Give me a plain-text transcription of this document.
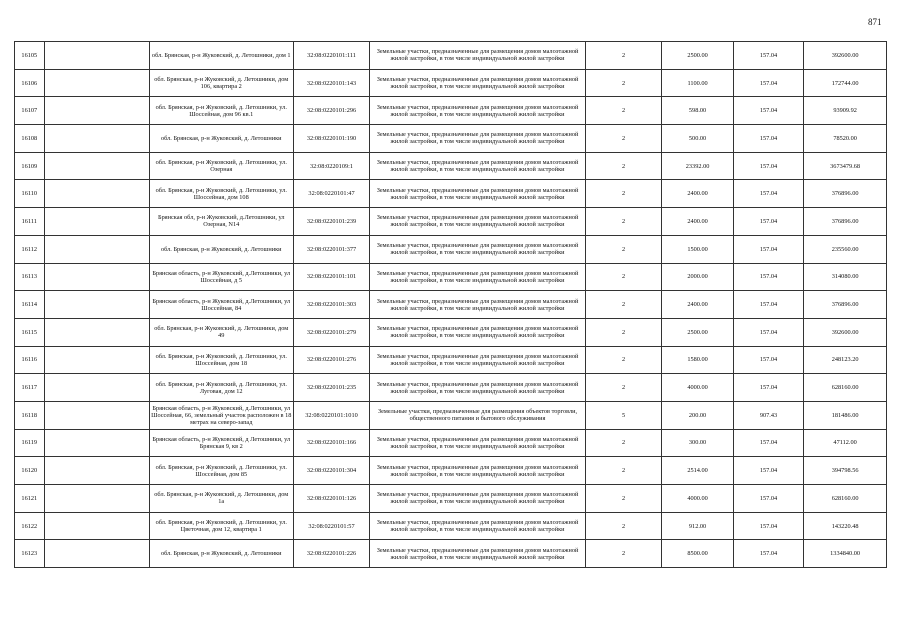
871
16105		обл. Брянская, р-н Жуковский, д. Летошники, дом 1	32:08:0220101:111	Земельные участки, предназначенные для размещения домов малоэтажной жилой застройки, в том числе индивидуальной жилой застройки	2	2500.00	157.04	392600.00
16106		обл. Брянская, р-н Жуковский, д. Летошники, дом 106, квартира 2	32:08:0220101:143	Земельные участки, предназначенные для размещения домов малоэтажной жилой застройки, в том числе индивидуальной жилой застройки	2	1100.00	157.04	172744.00
16107		обл. Брянская, р-н Жуковский, д. Летошники, ул. Шоссейная, дом 96 кв.1	32:08:0220101:296	Земельные участки, предназначенные для размещения домов малоэтажной жилой застройки, в том числе индивидуальной жилой застройки	2	598.00	157.04	93909.92
16108		обл. Брянская, р-н Жуковский, д. Летошники	32:08:0220101:190	Земельные участки, предназначенные для размещения домов малоэтажной жилой застройки, в том числе индивидуальной жилой застройки	2	500.00	157.04	78520.00
16109		обл. Брянская, р-н Жуковский, д. Летошники, ул. Озерная	32:08:0220109:1	Земельные участки, предназначенные для размещения домов малоэтажной жилой застройки, в том числе индивидуальной жилой застройки	2	23392.00	157.04	3673479.68
16110		обл. Брянская, р-н Жуковский, д. Летошники, ул. Шоссейная, дом 108	32:08:0220101:47	Земельные участки, предназначенные для размещения домов малоэтажной жилой застройки, в том числе индивидуальной жилой застройки	2	2400.00	157.04	376896.00
16111		Брянская обл, р-н Жуковский, д.Летошники, ул Озерная, N14	32:08:0220101:239	Земельные участки, предназначенные для размещения домов малоэтажной жилой застройки, в том числе индивидуальной жилой застройки	2	2400.00	157.04	376896.00
16112		обл. Брянская, р-н Жуковский, д. Летошники	32:08:0220101:377	Земельные участки, предназначенные для размещения домов малоэтажной жилой застройки, в том числе индивидуальной жилой застройки	2	1500.00	157.04	235560.00
16113		Брянская область, р-н Жуковский, д.Летошники, ул Шоссейная, д 5	32:08:0220101:101	Земельные участки, предназначенные для размещения домов малоэтажной жилой застройки, в том числе индивидуальной жилой застройки	2	2000.00	157.04	314080.00
16114		Брянская область, р-н Жуковский, д.Летошники, ул Шоссейная, 84	32:08:0220101:303	Земельные участки, предназначенные для размещения домов малоэтажной жилой застройки, в том числе индивидуальной жилой застройки	2	2400.00	157.04	376896.00
16115		обл. Брянская, р-н Жуковский, д. Летошники, дом 49	32:08:0220101:279	Земельные участки, предназначенные для размещения домов малоэтажной жилой застройки, в том числе индивидуальной жилой застройки	2	2500.00	157.04	392600.00
16116		обл. Брянская, р-н Жуковский, д. Летошники, ул. Шоссейная, дом 18	32:08:0220101:276	Земельные участки, предназначенные для размещения домов малоэтажной жилой застройки, в том числе индивидуальной жилой застройки	2	1580.00	157.04	248123.20
16117		обл. Брянская, р-н Жуковский, д. Летошники, ул. Луговая, дом 12	32:08:0220101:235	Земельные участки, предназначенные для размещения домов малоэтажной жилой застройки, в том числе индивидуальной жилой застройки	2	4000.00	157.04	628160.00
16118		Брянская область, р-н Жуковский, д.Летошники, ул Шоссейная, 66, земельный участок расположен в 18 метрах на северо-запад	32:08:0220101:1010	Земельные участки, предназначенные для размещения объектов торговли, общественного питания и бытового обслуживания	5	200.00	907.43	181486.00
16119		Брянская область, р-н Жуковский, д Летошники, ул Брянская 9, кв 2	32:08:0220101:166	Земельные участки, предназначенные для размещения домов малоэтажной жилой застройки, в том числе индивидуальной жилой застройки	2	300.00	157.04	47112.00
16120		обл. Брянская, р-н Жуковский, д. Летошники, ул. Шоссейная, дом 85	32:08:0220101:304	Земельные участки, предназначенные для размещения домов малоэтажной жилой застройки, в том числе индивидуальной жилой застройки	2	2514.00	157.04	394798.56
16121		обл. Брянская, р-н Жуковский, д. Летошники, дом 1а	32:08:0220101:126	Земельные участки, предназначенные для размещения домов малоэтажной жилой застройки, в том числе индивидуальной жилой застройки	2	4000.00	157.04	628160.00
16122		обл. Брянская, р-н Жуковский, д. Летошники, ул. Цветочная, дом 12, квартира 1	32:08:0220101:57	Земельные участки, предназначенные для размещения домов малоэтажной жилой застройки, в том числе индивидуальной жилой застройки	2	912.00	157.04	143220.48
16123		обл. Брянская, р-н Жуковский, д. Летошники	32:08:0220101:226	Земельные участки, предназначенные для размещения домов малоэтажной жилой застройки, в том числе индивидуальной жилой застройки	2	8500.00	157.04	1334840.00
